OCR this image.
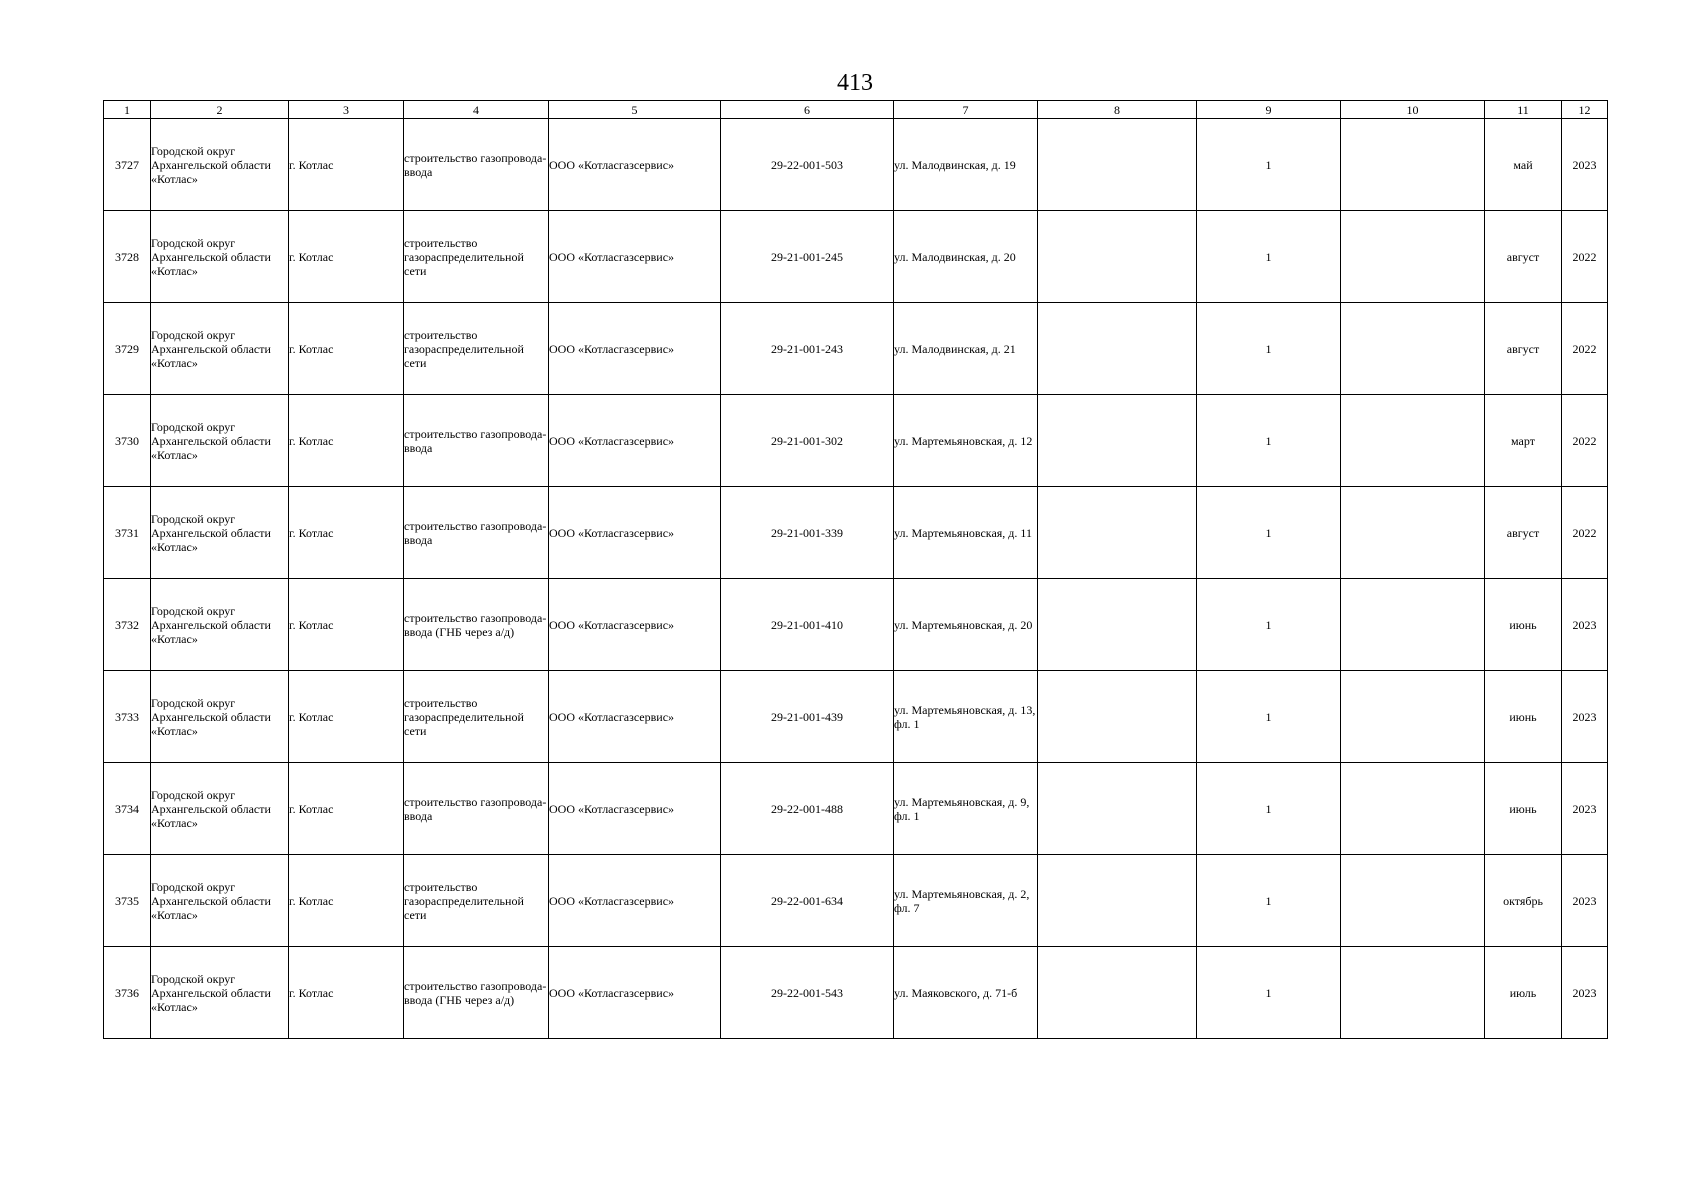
413
1	2	3	4	5	6	7	8	9	10	11	12
3727	Городской округ Архангельской области «Котлас»	г. Котлас	строительство газопровода-ввода	ООО «Котласгазсервис»	29-22-001-503	ул. Малодвинская, д. 19		1		май	2023
3728	Городской округ Архангельской области «Котлас»	г. Котлас	строительство газораспределительной сети	ООО «Котласгазсервис»	29-21-001-245	ул. Малодвинская, д. 20		1		август	2022
3729	Городской округ Архангельской области «Котлас»	г. Котлас	строительство газораспределительной сети	ООО «Котласгазсервис»	29-21-001-243	ул. Малодвинская, д. 21		1		август	2022
3730	Городской округ Архангельской области «Котлас»	г. Котлас	строительство газопровода-ввода	ООО «Котласгазсервис»	29-21-001-302	ул. Мартемьяновская, д. 12		1		март	2022
3731	Городской округ Архангельской области «Котлас»	г. Котлас	строительство газопровода-ввода	ООО «Котласгазсервис»	29-21-001-339	ул. Мартемьяновская, д. 11		1		август	2022
3732	Городской округ Архангельской области «Котлас»	г. Котлас	строительство газопровода-ввода (ГНБ через а/д)	ООО «Котласгазсервис»	29-21-001-410	ул. Мартемьяновская, д. 20		1		июнь	2023
3733	Городской округ Архангельской области «Котлас»	г. Котлас	строительство газораспределительной сети	ООО «Котласгазсервис»	29-21-001-439	ул. Мартемьяновская, д. 13, фл. 1		1		июнь	2023
3734	Городской округ Архангельской области «Котлас»	г. Котлас	строительство газопровода-ввода	ООО «Котласгазсервис»	29-22-001-488	ул. Мартемьяновская, д. 9, фл. 1		1		июнь	2023
3735	Городской округ Архангельской области «Котлас»	г. Котлас	строительство газораспределительной сети	ООО «Котласгазсервис»	29-22-001-634	ул. Мартемьяновская, д. 2, фл. 7		1		октябрь	2023
3736	Городской округ Архангельской области «Котлас»	г. Котлас	строительство газопровода-ввода (ГНБ через а/д)	ООО «Котласгазсервис»	29-22-001-543	ул. Маяковского, д. 71-б		1		июль	2023
